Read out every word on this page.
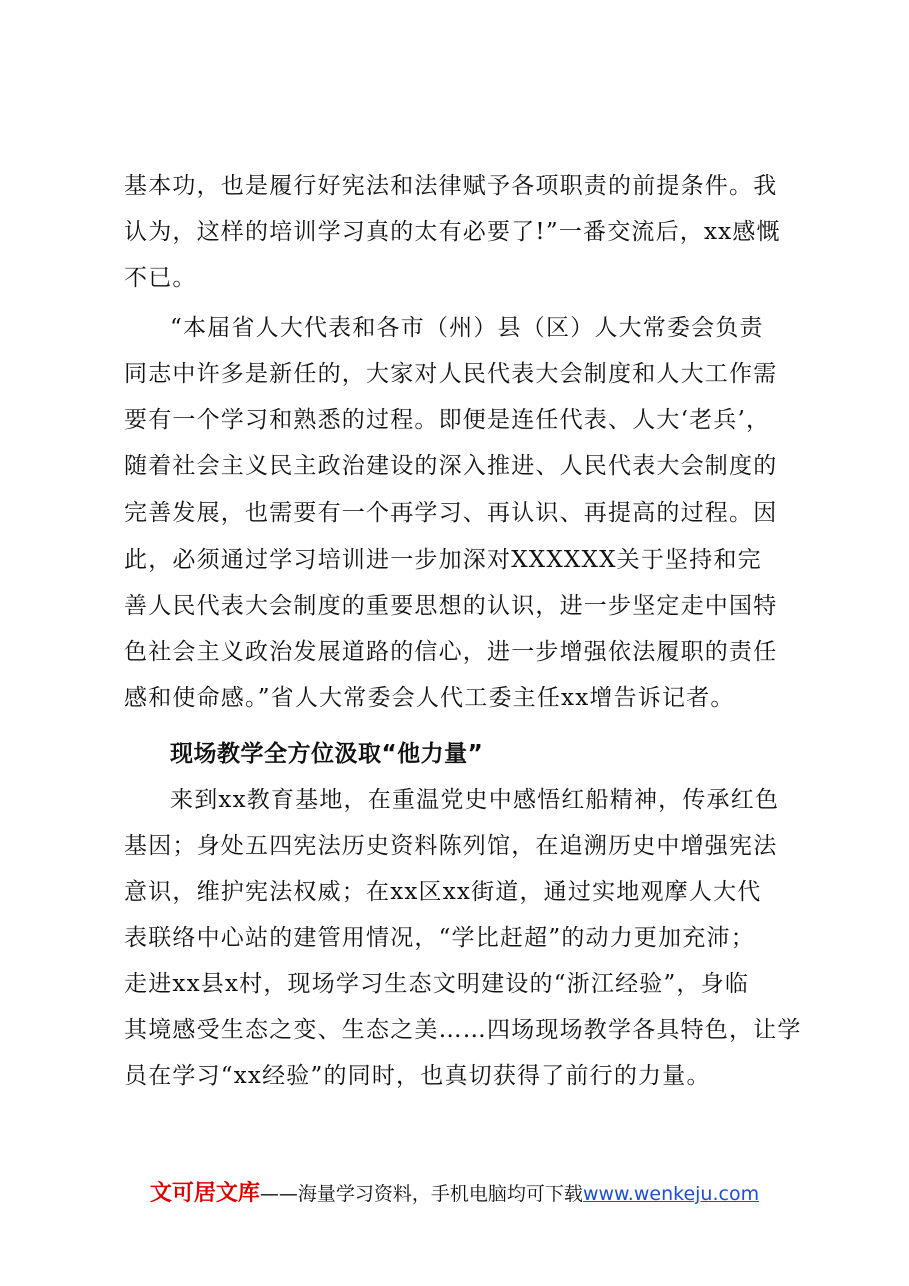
基本功，也是履行好宪法和法律赋予各项职责的前提条件。我
认为，这样的培训学习真的太有必要了!”一番交流后，xx感慨
不已。
“本届省人大代表和各市（州）县（区）人大常委会负责
同志中许多是新任的，大家对人民代表大会制度和人大工作需
要有一个学习和熟悉的过程。即便是连任代表、人大‘老兵’，
随着社会主义民主政治建设的深入推进、人民代表大会制度的
完善发展，也需要有一个再学习、再认识、再提高的过程。因
此，必须通过学习培训进一步加深对XXXXXX关于坚持和完
善人民代表大会制度的重要思想的认识，进一步坚定走中国特
色社会主义政治发展道路的信心，进一步增强依法履职的责任
感和使命感。”省人大常委会人代工委主任xx增告诉记者。
现场教学全方位汲取“他力量”
来到xx教育基地，在重温党史中感悟红船精神，传承红色
基因；身处五四宪法历史资料陈列馆，在追溯历史中增强宪法
意识，维护宪法权威；在xx区xx街道，通过实地观摩人大代
表联络中心站的建管用情况，“学比赶超”的动力更加充沛；
走进xx县x村，现场学习生态文明建设的“浙江经验”，身临
其境感受生态之变、生态之美……四场现场教学各具特色，让学
员在学习“xx经验”的同时，也真切获得了前行的力量。
文可居文库——海量学习资料，手机电脑均可下载www.wenkeju.com
